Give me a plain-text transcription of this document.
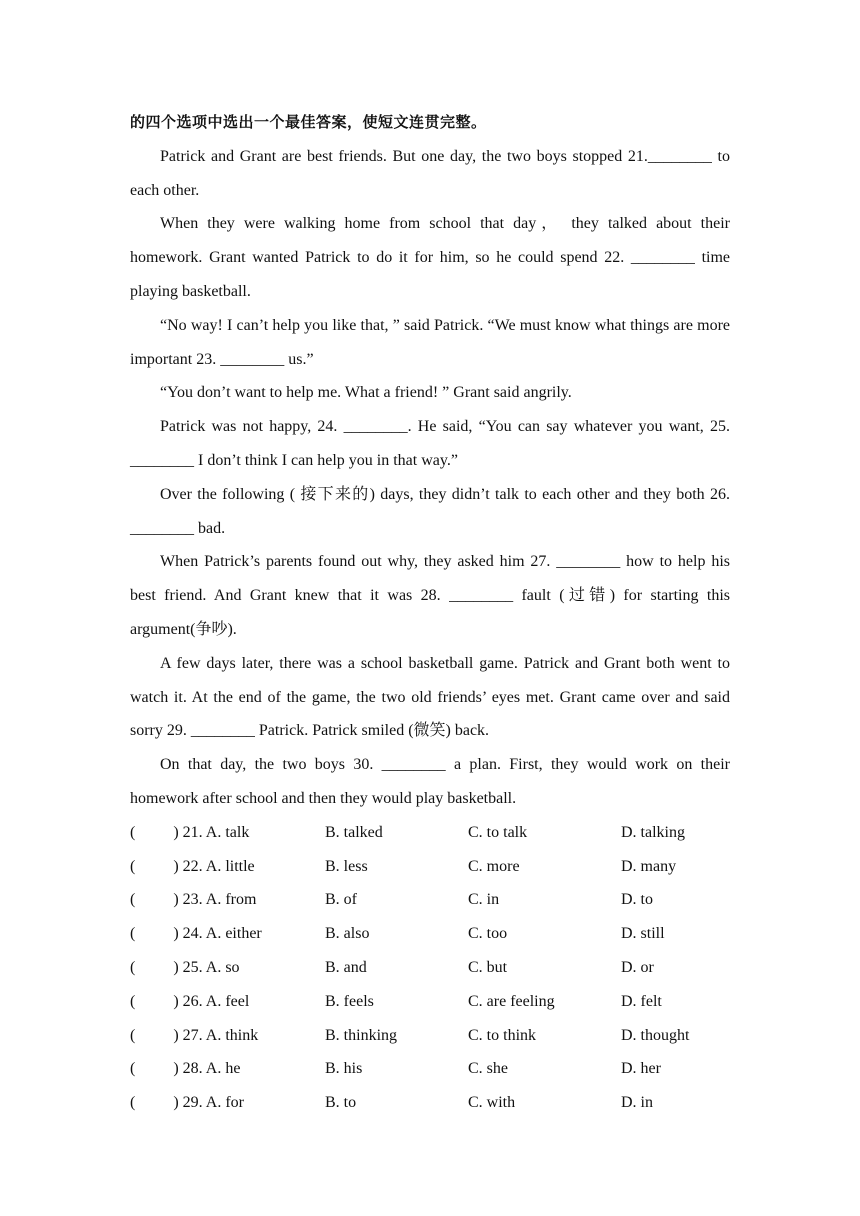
的四个选项中选出一个最佳答案，使短文连贯完整。

Patrick and Grant are best friends. But one day, the two boys stopped 21.________ to each other.

When they were walking home from school that day， they talked about their homework. Grant wanted Patrick to do it for him, so he could spend 22. ________ time playing basketball.

“No way! I can’t help you like that, ” said Patrick. “We must know what things are more important 23. ________ us.”

“You don’t want to help me. What a friend! ” Grant said angrily.

Patrick was not happy, 24. ________. He said, “You can say whatever you want, 25. ________ I don’t think I can help you in that way.”

Over the following ( 接下来的) days, they didn’t talk to each other and they both 26. ________ bad.

When Patrick’s parents found out why, they asked him 27. ________ how to help his best friend. And Grant knew that it was 28. ________ fault (过错) for starting this argument(争吵).

A few days later, there was a school basketball game. Patrick and Grant both went to watch it. At the end of the game, the two old friends’ eyes met. Grant came over and said sorry 29. ________ Patrick. Patrick smiled (微笑) back.

On that day, the two boys 30. ________ a plan. First, they would work on their homework after school and then they would play basketball.

( ) 21. A. talk	B. talked	C. to talk	D. talking
( ) 22. A. little	B. less	C. more	D. many
( ) 23. A. from	B. of	C. in	D. to
( ) 24. A. either	B. also	C. too	D. still
( ) 25. A. so	B. and	C. but	D. or
( ) 26. A. feel	B. feels	C. are feeling	D. felt
( ) 27. A. think	B. thinking	C. to think	D. thought
( ) 28. A. he	B. his	C. she	D. her
( ) 29. A. for	B. to	C. with	D. in
